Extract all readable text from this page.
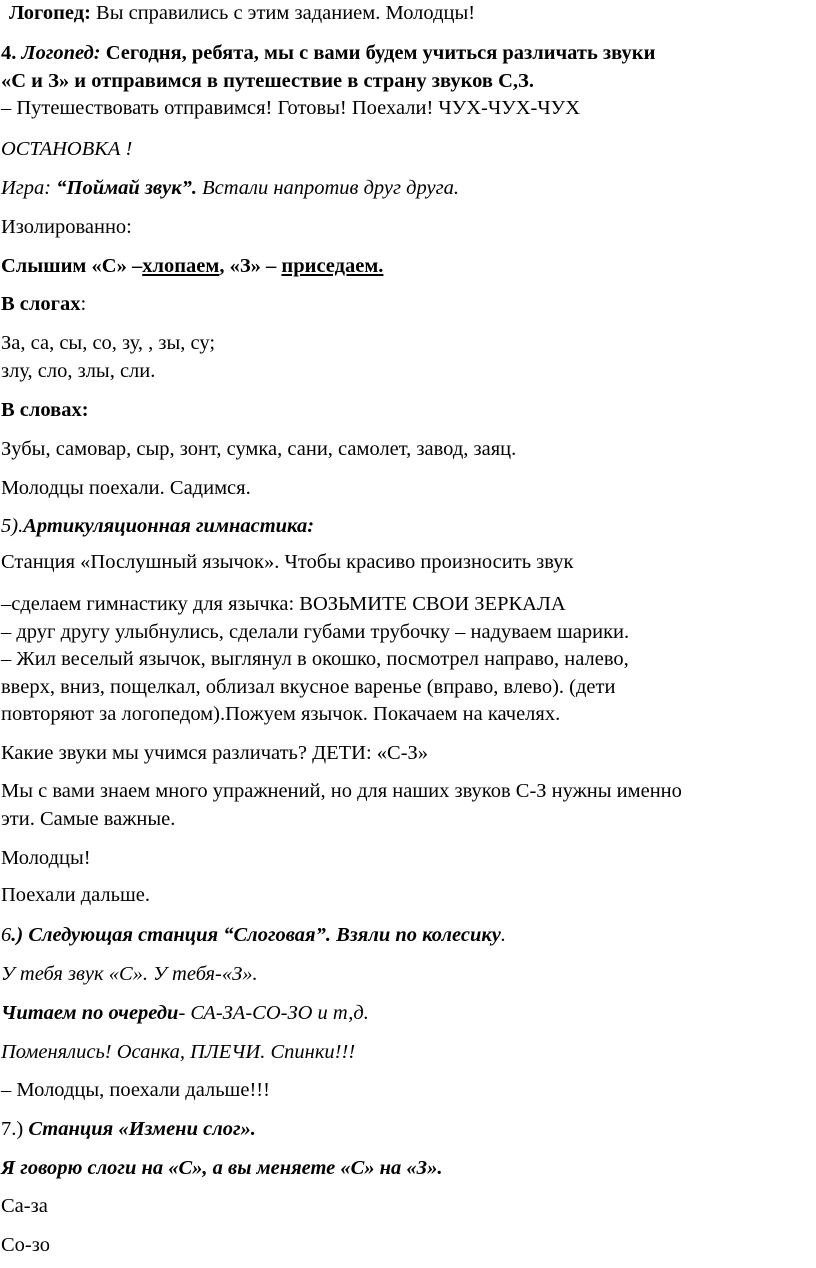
Логопед: Вы справились с этим заданием. Молодцы!
4. Логопед: Сегодня, ребята, мы с вами будем учиться различать звуки
«С и З» и отправимся в путешествие в страну звуков С,З.
– Путешествовать отправимся! Готовы! Поехали! ЧУХ-ЧУХ-ЧУХ
ОСТАНОВКА !
Игра: “Поймай звук”. Встали напротив друг друга.
Изолированно:
Слышим «С» –хлопаем, «З» – приседаем.
В слогах:
За, са, сы, со, зу, , зы, су;
злу, сло, злы, сли.
В словах:
Зубы, самовар, сыр, зонт, сумка, сани, самолет, завод, заяц.
Молодцы поехали. Садимся.
5).Артикуляционная гимнастика:
Станция «Послушный язычок». Чтобы красиво произносить звук
–сделаем гимнастику для язычка: ВОЗЬМИТЕ СВОИ ЗЕРКАЛА
– друг другу улыбнулись, сделали губами трубочку – надуваем шарики.
– Жил веселый язычок, выглянул в окошко, посмотрел направо, налево,
вверх, вниз, пощелкал, облизал вкусное варенье (вправо, влево). (дети
повторяют за логопедом).Пожуем язычок. Покачаем на качелях.
Какие звуки мы учимся различать? ДЕТИ: «С-З»
Мы с вами знаем много упражнений, но для наших звуков С-З нужны именно
эти. Самые важные.
Молодцы!
Поехали дальше.
6.) Следующая станция “Слоговая”. Взяли по колесику.
У тебя звук «С». У тебя-«З».
Читаем по очереди- СА-ЗА-СО-ЗО и т,д.
Поменялись! Осанка, ПЛЕЧИ. Спинки!!!
– Молодцы, поехали дальше!!!
7.) Станция «Измени слог».
Я говорю слоги на «С», а вы меняете «С» на «З».
Са-за
Со-зо
